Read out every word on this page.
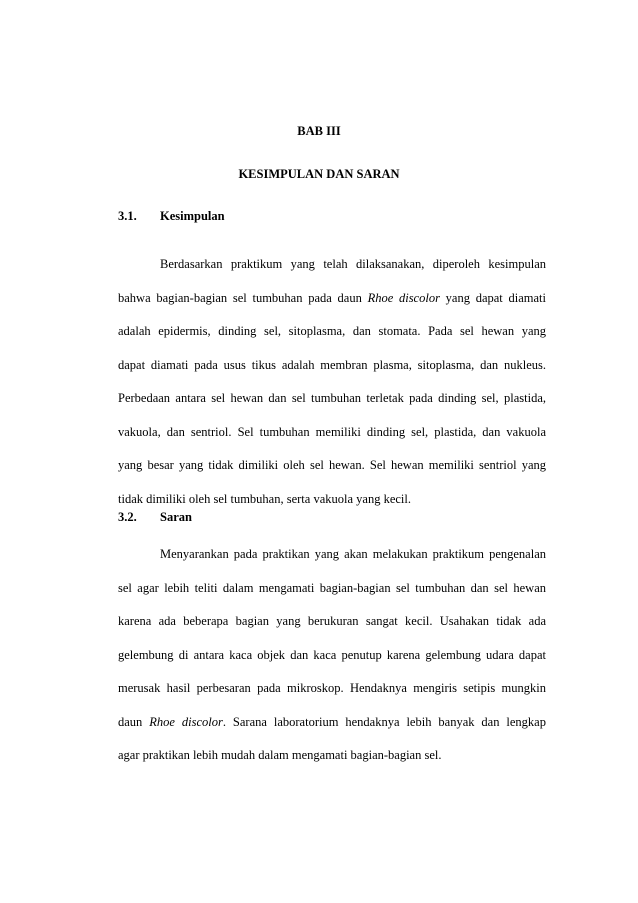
BAB III
KESIMPULAN DAN SARAN
3.1. Kesimpulan
Berdasarkan praktikum yang telah dilaksanakan, diperoleh kesimpulan
bahwa bagian-bagian sel tumbuhan pada daun Rhoe discolor yang dapat diamati
adalah epidermis, dinding sel, sitoplasma, dan stomata. Pada sel hewan yang
dapat diamati pada usus tikus adalah membran plasma, sitoplasma, dan nukleus.
Perbedaan antara sel hewan dan sel tumbuhan terletak pada dinding sel, plastida,
vakuola, dan sentriol. Sel tumbuhan memiliki dinding sel, plastida, dan vakuola
yang besar yang tidak dimiliki oleh sel hewan. Sel hewan memiliki sentriol yang
tidak dimiliki oleh sel tumbuhan, serta vakuola yang kecil.
3.2. Saran
Menyarankan pada praktikan yang akan melakukan praktikum pengenalan
sel agar lebih teliti dalam mengamati bagian-bagian sel tumbuhan dan sel hewan
karena ada beberapa bagian yang berukuran sangat kecil. Usahakan tidak ada
gelembung di antara kaca objek dan kaca penutup karena gelembung udara dapat
merusak hasil perbesaran pada mikroskop. Hendaknya mengiris setipis mungkin
daun Rhoe discolor. Sarana laboratorium hendaknya lebih banyak dan lengkap
agar praktikan lebih mudah dalam mengamati bagian-bagian sel.
